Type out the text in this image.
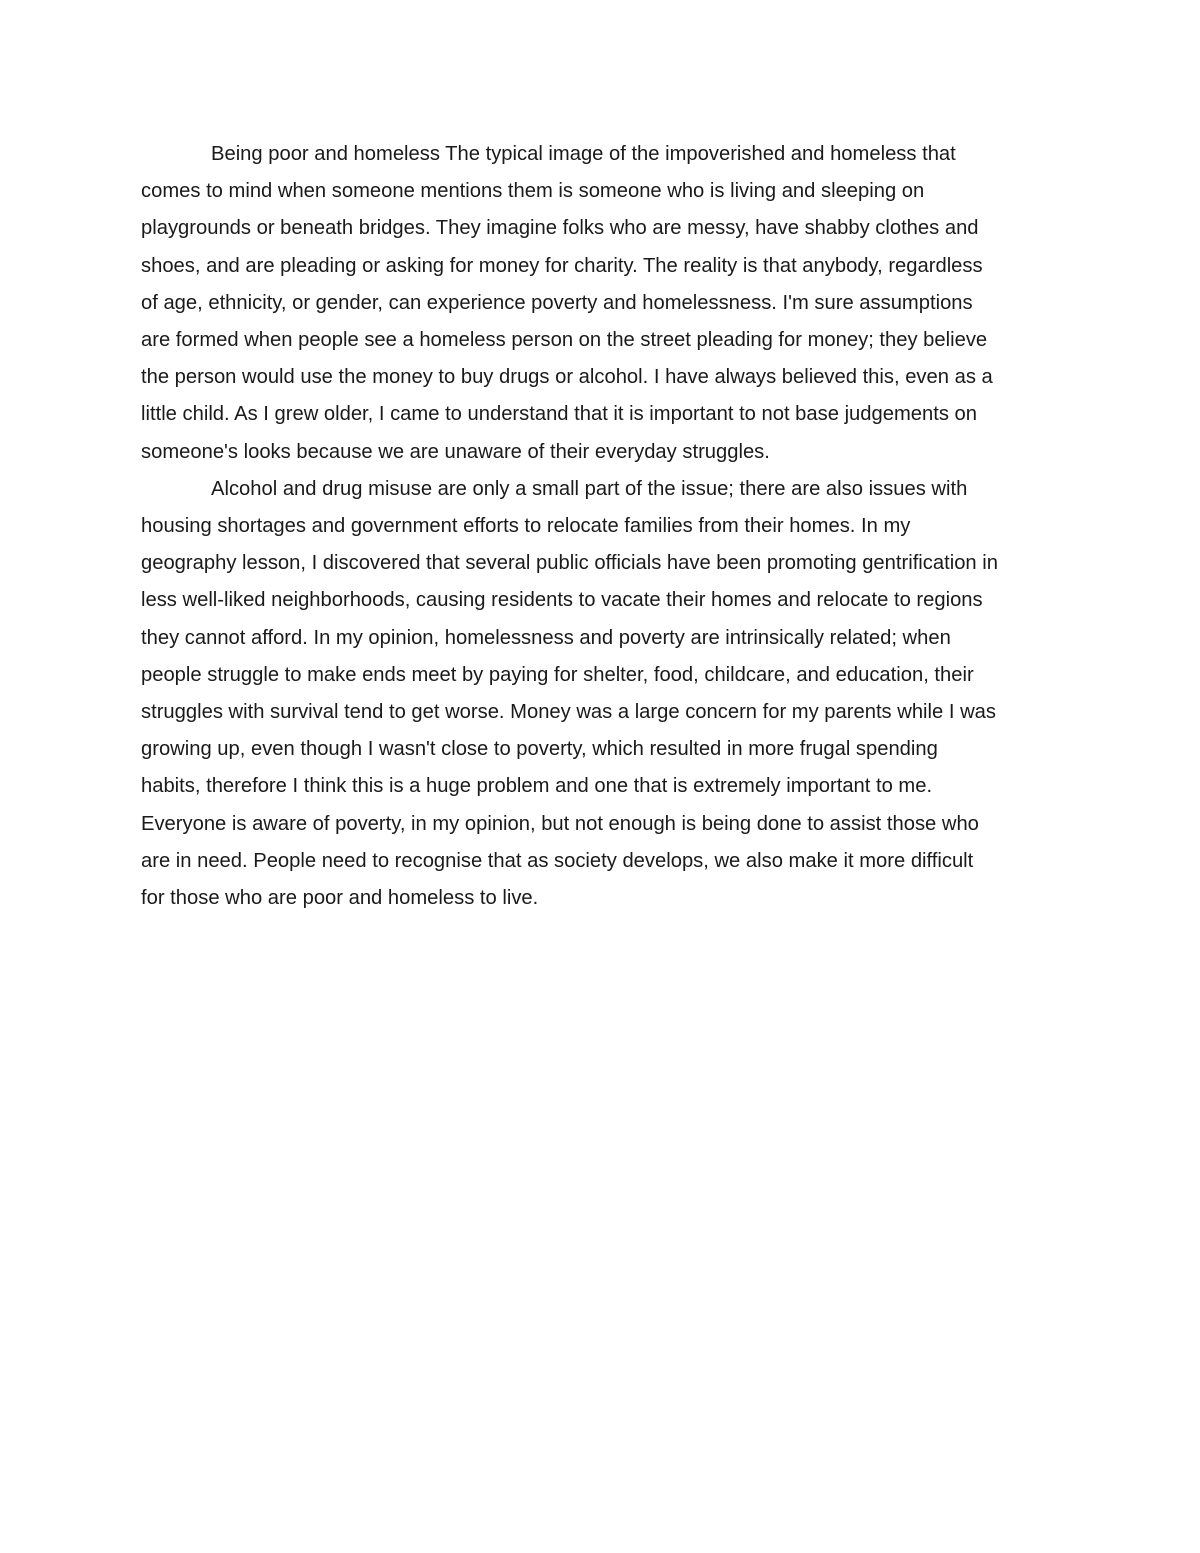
Being poor and homeless The typical image of the impoverished and homeless that
comes to mind when someone mentions them is someone who is living and sleeping on
playgrounds or beneath bridges. They imagine folks who are messy, have shabby clothes and
shoes, and are pleading or asking for money for charity. The reality is that anybody, regardless
of age, ethnicity, or gender, can experience poverty and homelessness. I'm sure assumptions
are formed when people see a homeless person on the street pleading for money; they believe
the person would use the money to buy drugs or alcohol. I have always believed this, even as a
little child. As I grew older, I came to understand that it is important to not base judgements on
someone's looks because we are unaware of their everyday struggles.
Alcohol and drug misuse are only a small part of the issue; there are also issues with
housing shortages and government efforts to relocate families from their homes. In my
geography lesson, I discovered that several public officials have been promoting gentrification in
less well-liked neighborhoods, causing residents to vacate their homes and relocate to regions
they cannot afford. In my opinion, homelessness and poverty are intrinsically related; when
people struggle to make ends meet by paying for shelter, food, childcare, and education, their
struggles with survival tend to get worse. Money was a large concern for my parents while I was
growing up, even though I wasn't close to poverty, which resulted in more frugal spending
habits, therefore I think this is a huge problem and one that is extremely important to me.
Everyone is aware of poverty, in my opinion, but not enough is being done to assist those who
are in need. People need to recognise that as society develops, we also make it more difficult
for those who are poor and homeless to live.
